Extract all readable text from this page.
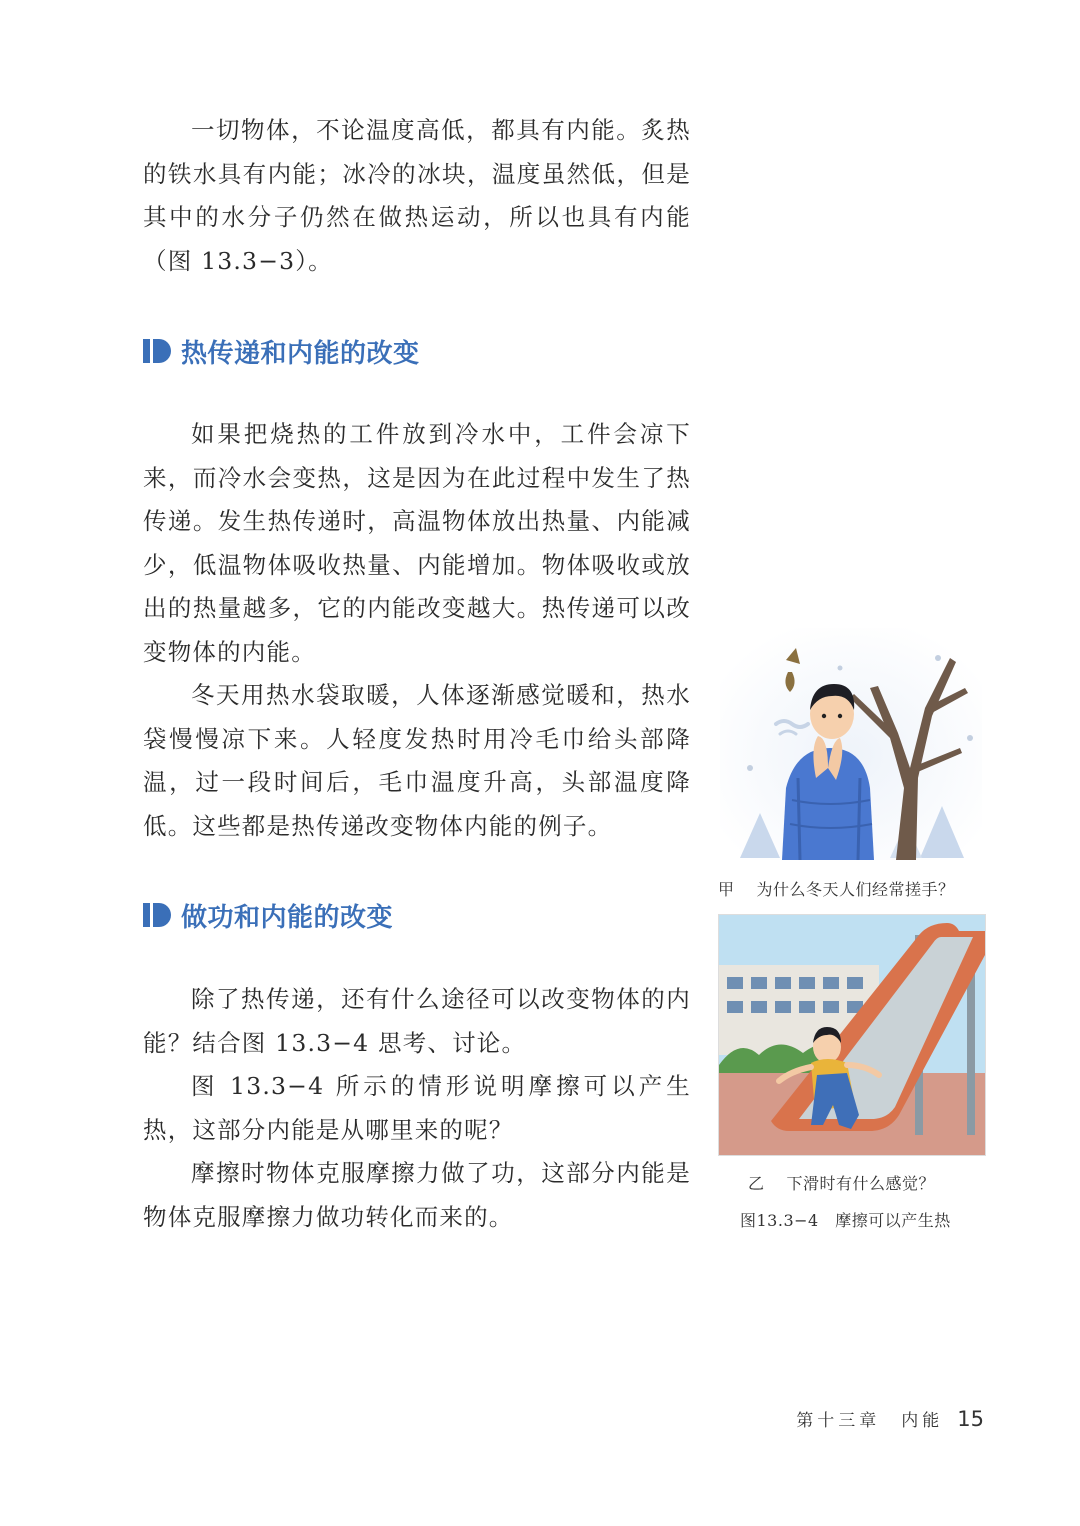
一切物体，不论温度高低，都具有内能。炙热的铁水具有内能；冰冷的冰块，温度虽然低，但是其中的水分子仍然在做热运动，所以也具有内能（图 13.3−3）。

热传递和内能的改变

如果把烧热的工件放到冷水中，工件会凉下来，而冷水会变热，这是因为在此过程中发生了热传递。发生热传递时，高温物体放出热量、内能减少，低温物体吸收热量、内能增加。物体吸收或放出的热量越多，它的内能改变越大。热传递可以改变物体的内能。

冬天用热水袋取暖，人体逐渐感觉暖和，热水袋慢慢凉下来。人轻度发热时用冷毛巾给头部降温，过一段时间后，毛巾温度升高，头部温度降低。这些都是热传递改变物体内能的例子。

做功和内能的改变

除了热传递，还有什么途径可以改变物体的内能？结合图 13.3−4 思考、讨论。

图 13.3−4 所示的情形说明摩擦可以产生热，这部分内能是从哪里来的呢？

摩擦时物体克服摩擦力做了功，这部分内能是物体克服摩擦力做功转化而来的。

甲 为什么冬天人们经常搓手？
乙 下滑时有什么感觉？
图13.3−4　摩擦可以产生热
第十三章　内能 15
